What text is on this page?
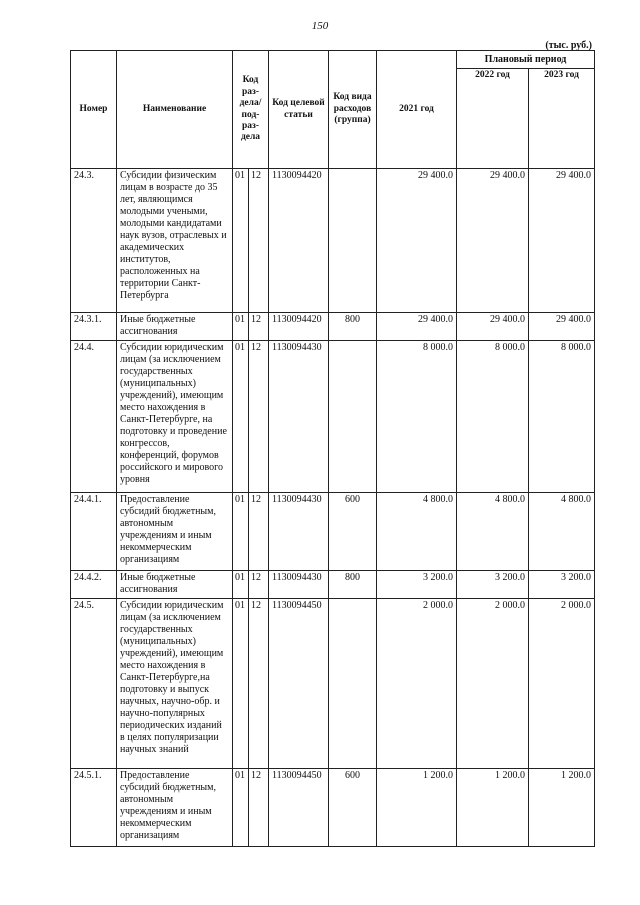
150
(тыс. руб.)
Номер	Наименование	Код раз-дела/ под-раз-дела		Код целевой статьи	Код вида расходов (группа)	2021 год	Плановый период	
							2022 год	2023 год
24.3.	Субсидии физическим лицам в возрасте до 35 лет, являющимся молодыми учеными, молодыми кандидатами наук вузов, отраслевых и академических институтов, расположенных на территории Санкт-Петербурга	01	12	1130094420		29 400.0	29 400.0	29 400.0
24.3.1.	Иные бюджетные ассигнования	01	12	1130094420	800	29 400.0	29 400.0	29 400.0
24.4.	Субсидии юридическим лицам (за исключением государственных (муниципальных) учреждений), имеющим место нахождения в Санкт-Петербурге, на подготовку и проведение конгрессов, конференций, форумов российского и мирового уровня	01	12	1130094430		8 000.0	8 000.0	8 000.0
24.4.1.	Предоставление субсидий бюджетным, автономным учреждениям и иным некоммерческим организациям	01	12	1130094430	600	4 800.0	4 800.0	4 800.0
24.4.2.	Иные бюджетные ассигнования	01	12	1130094430	800	3 200.0	3 200.0	3 200.0
24.5.	Субсидии юридическим лицам (за исключением государственных (муниципальных) учреждений), имеющим место нахождения в Санкт-Петербурге,на подготовку и выпуск научных, научно-обр. и научно-популярных периодических изданий в целях популяризации научных знаний	01	12	1130094450		2 000.0	2 000.0	2 000.0
24.5.1.	Предоставление субсидий бюджетным, автономным учреждениям и иным некоммерческим организациям	01	12	1130094450	600	1 200.0	1 200.0	1 200.0
